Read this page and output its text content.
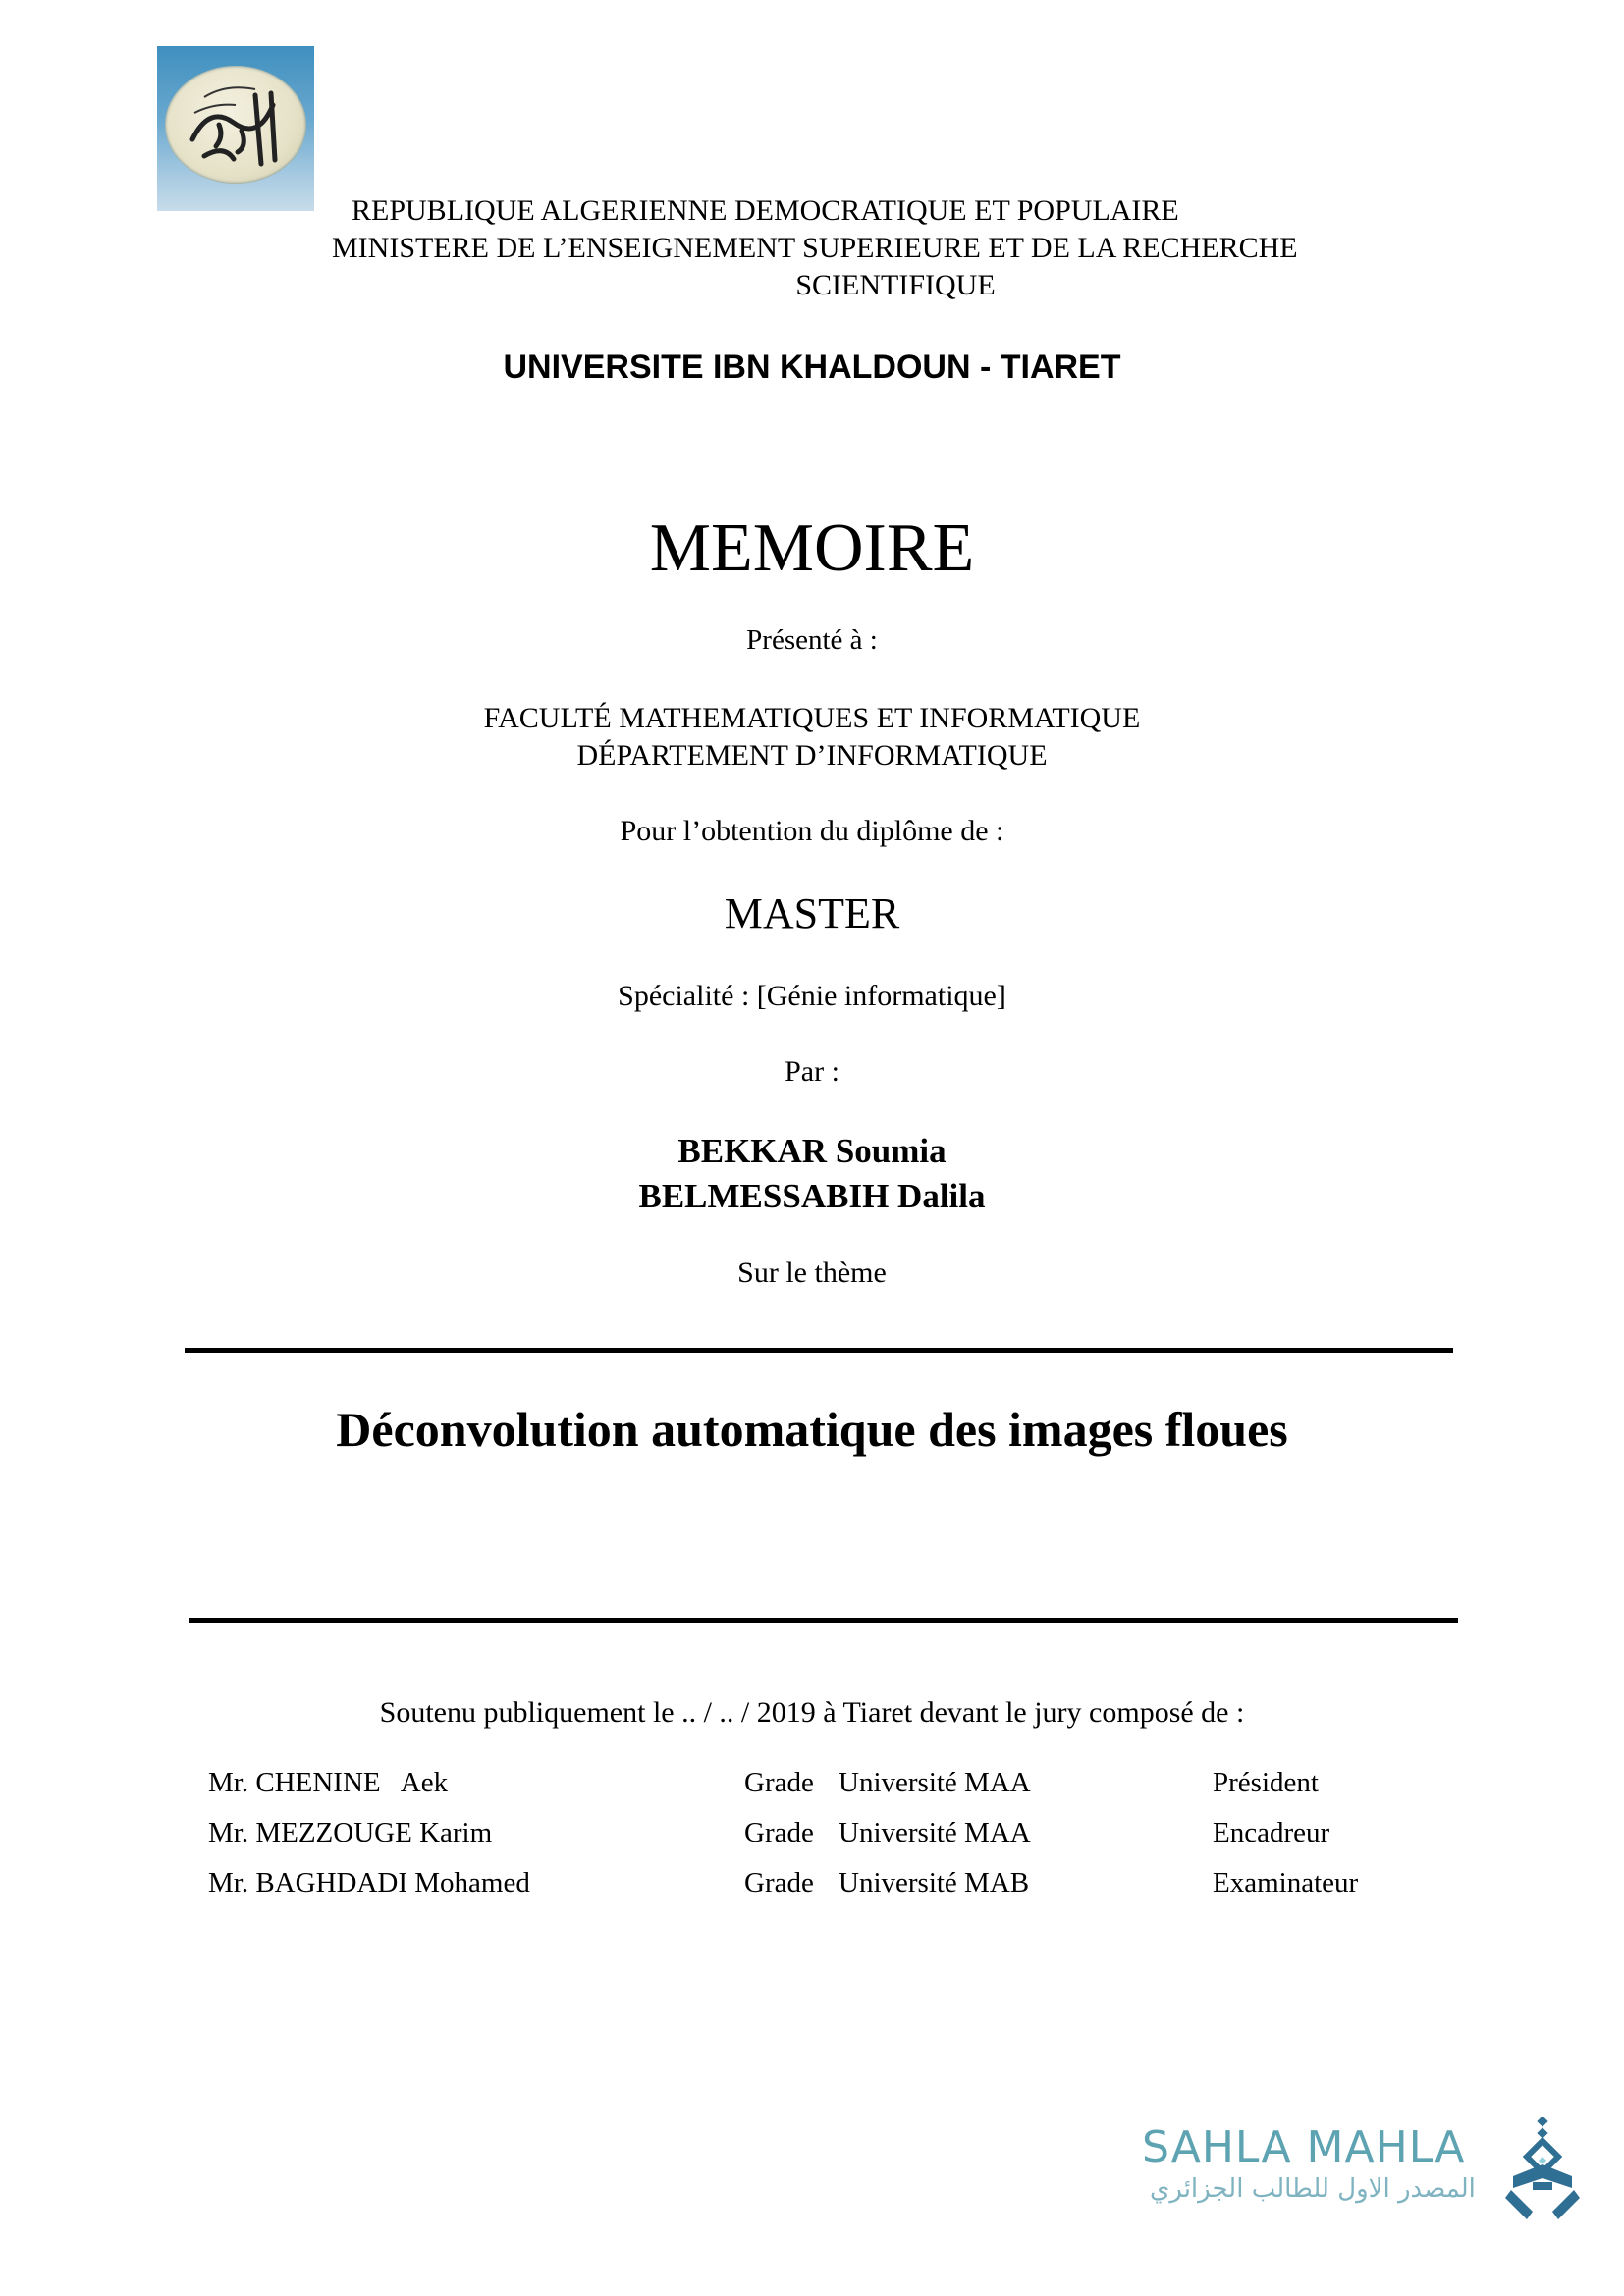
REPUBLIQUE ALGERIENNE DEMOCRATIQUE ET POPULAIRE
MINISTERE DE L’ENSEIGNEMENT SUPERIEURE ET DE LA RECHERCHE
SCIENTIFIQUE
UNIVERSITE IBN KHALDOUN - TIARET
MEMOIRE
Présenté à :
FACULTÉ MATHEMATIQUES ET INFORMATIQUE
DÉPARTEMENT D’INFORMATIQUE
Pour l’obtention du diplôme de :
MASTER
Spécialité : [Génie informatique]
Par :
BEKKAR Soumia
BELMESSABIH Dalila
Sur le thème
Déconvolution automatique des images floues
Soutenu publiquement le .. / .. / 2019 à Tiaret devant le jury composé de :
Mr. CHENINE   Aek	Grade Université MAA	Président
Mr. MEZZOUGE Karim	Grade Université MAA	Encadreur
Mr. BAGHDADI Mohamed	Grade Université MAB	Examinateur
SAHLA MAHLA
المصدر الاول للطالب الجزائري
